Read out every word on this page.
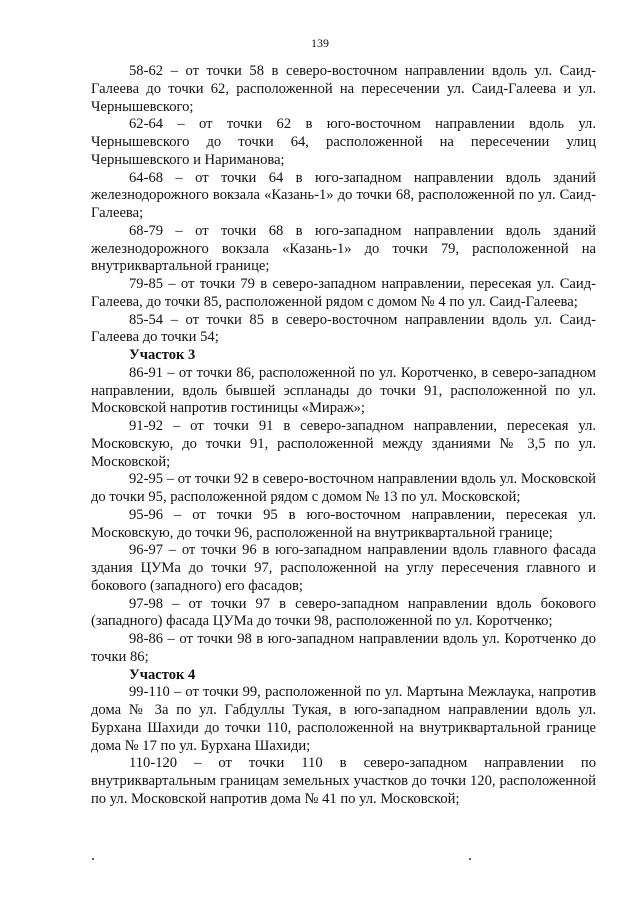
139

58-62 – от точки 58 в северо-восточном направлении вдоль ул. Саид-Галеева до точки 62, расположенной на пересечении ул. Саид-Галеева и ул. Чернышевского;

62-64 – от точки 62 в юго-восточном направлении вдоль ул. Чернышевского до точки 64, расположенной на пересечении улиц Чернышевского и Нариманова;

64-68 – от точки 64 в юго-западном направлении вдоль зданий железнодорожного вокзала «Казань-1» до точки 68, расположенной по ул. Саид-Галеева;

68-79 – от точки 68 в юго-западном направлении вдоль зданий железнодорожного вокзала «Казань-1» до точки 79, расположенной на внутриквартальной границе;

79-85 – от точки 79 в северо-западном направлении, пересекая ул. Саид-Галеева, до точки 85, расположенной рядом с домом № 4 по ул. Саид-Галеева;

85-54 – от точки 85 в северо-восточном направлении вдоль ул. Саид-Галеева до точки 54;

Участок 3

86-91 – от точки 86, расположенной по ул. Коротченко, в северо-западном направлении, вдоль бывшей эспланады до точки 91, расположенной по ул. Московской напротив гостиницы «Мираж»;

91-92 – от точки 91 в северо-западном направлении, пересекая ул. Московскую, до точки 91, расположенной между зданиями № 3,5 по ул. Московской;

92-95 – от точки 92 в северо-восточном направлении вдоль ул. Московской до точки 95, расположенной рядом с домом № 13 по ул. Московской;

95-96 – от точки 95 в юго-восточном направлении, пересекая ул. Московскую, до точки 96, расположенной на внутриквартальной границе;

96-97 – от точки 96 в юго-западном направлении вдоль главного фасада здания ЦУМа до точки 97, расположенной на углу пересечения главного и бокового (западного) его фасадов;

97-98 – от точки 97 в северо-западном направлении вдоль бокового (западного) фасада ЦУМа до точки 98, расположенной по ул. Коротченко;

98-86 – от точки 98 в юго-западном направлении вдоль ул. Коротченко до точки 86;

Участок 4

99-110 – от точки 99, расположенной по ул. Мартына Межлаука, напротив дома № 3а по ул. Габдуллы Тукая, в юго-западном направлении вдоль ул. Бурхана Шахиди до точки 110, расположенной на внутриквартальной границе дома № 17 по ул. Бурхана Шахиди;

110-120 – от точки 110 в северо-западном направлении по внутриквартальным границам земельных участков до точки 120, расположенной по ул. Московской напротив дома № 41 по ул. Московской;
